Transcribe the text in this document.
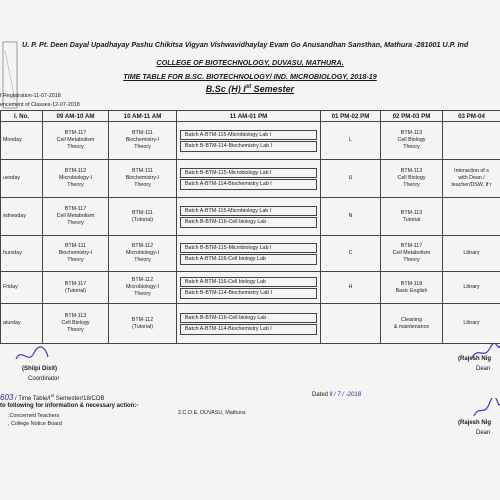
U. P. Pt. Deen Dayal Upadhayay Pashu Chikitsa Vigyan Vishwavidhaylay Evam Go Anusandhan Sansthan, Mathura -281001 U.P. Ind
COLLEGE OF BIOTECHNOLOGY, DUVASU, MATHURA.
TIME TABLE FOR B.SC. BIOTECHNOLOGY/ IND. MICROBIOLOGY, 2018-19
B.Sc (H) Ist Semester
f Registration-11-07-2018
encement of Classes-12-07-2018
l. No.	09 AM-10 AM	10 AM-11 AM	11 AM-01 PM	01 PM-02 PM	02 PM-03 PM	03 PM-04
Monday	BTM-117
Cell Metabolism
Theory	BTM-111
Biochemistry-I
Theory	Batch A-BTM-115-Microbiology Lab I
Batch B-BTM-114-Biochemistry Lab I	L	BTM-113
Cell Biology
Theory	
uesday	BTM-112
Microbiology-I
Theory	BTM-111
Biochemistry-I
Theory	Batch B-BTM-115-Microbiology Lab I
Batch A-BTM-114-Biochemistry Lab I	U	BTM-113
Cell Biology
Theory	Interaction of s
with Dean /
teacher/DSW, If r
ednesday	BTM-117
Cell Metabolism
Theory	BTM-111
(Tutorial)	Batch A-BTM-115-Microbiology Lab I
Batch B-BTM-116-Cell biology Lab	N	BTM-113
Tutorial	
hursday	BTM-111
Biochemistry-I
Theory	BTM-112
Microbiology-I
Theory	Batch B-BTM-115-Microbiology Lab I
Batch A-BTM-116-Cell biology Lab	C	BTM-117
Cell Metabolism
Theory	Library
Friday	BTM-117
(Tutorial)	BTM-112
Microbiology-I
Theory	Batch A-BTM-116-Cell biology Lab
Batch B-BTM-114-Biochemistry Lab I	H	BTM-118
Basic English	Library
aturday	BTM-113
Cell Biology
Theory	BTM-112
(Tutorial)	Batch B-BTM-116-Cell biology Lab
Batch A-BTM-114-Biochemistry Lab I		Cleaning
& maintenance	Library
(Shilpi Dixit)
Coordinator
(Rajesh Nig
Dean
603 / Time Table/Ist Semester/18/COB
Dated ll / 7 / -2018
to following for information & necessary action:-
.Concerned Teachers
, College Notice Board
2.C.O.E. DUVASU, Mathura.
(Rajesh Nig
Dean
